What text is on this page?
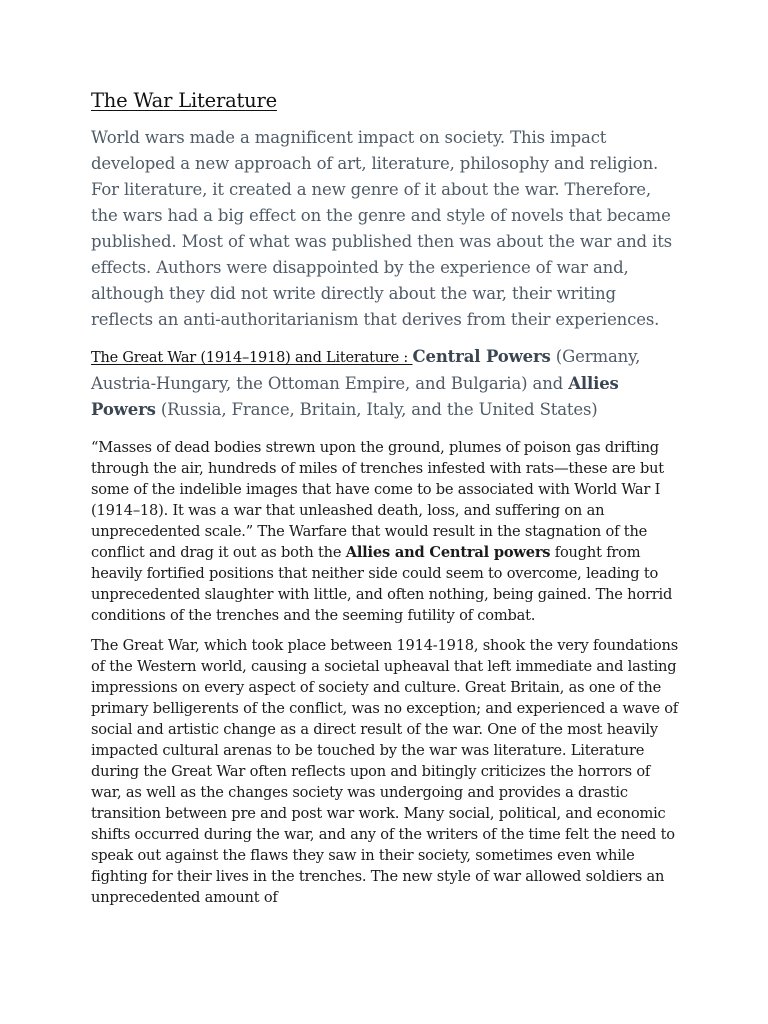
The War Literature

World wars made a magnificent impact on society. This impact developed a new approach of art, literature, philosophy and religion. For literature, it created a new genre of it about the war. Therefore, the wars had a big effect on the genre and style of novels that became published. Most of what was published then was about the war and its effects. Authors were disappointed by the experience of war and, although they did not write directly about the war, their writing reflects an anti-authoritarianism that derives from their experiences.

The Great War (1914–1918) and Literature : Central Powers (Germany, Austria-Hungary, the Ottoman Empire, and Bulgaria) and Allies Powers (Russia, France, Britain, Italy, and the United States)

“Masses of dead bodies strewn upon the ground, plumes of poison gas drifting through the air, hundreds of miles of trenches infested with rats—these are but some of the indelible images that have come to be associated with World War I (1914–18). It was a war that unleashed death, loss, and suffering on an unprecedented scale.” The Warfare that would result in the stagnation of the conflict and drag it out as both the Allies and Central powers fought from heavily fortified positions that neither side could seem to overcome, leading to unprecedented slaughter with little, and often nothing, being gained. The horrid conditions of the trenches and the seeming futility of combat.

The Great War, which took place between 1914-1918, shook the very foundations of the Western world, causing a societal upheaval that left immediate and lasting impressions on every aspect of society and culture. Great Britain, as one of the primary belligerents of the conflict, was no exception; and experienced a wave of social and artistic change as a direct result of the war. One of the most heavily impacted cultural arenas to be touched by the war was literature. Literature during the Great War often reflects upon and bitingly criticizes the horrors of war, as well as the changes society was undergoing and provides a drastic transition between pre and post war work. Many social, political, and economic shifts occurred during the war, and any of the writers of the time felt the need to speak out against the flaws they saw in their society, sometimes even while fighting for their lives in the trenches. The new style of war allowed soldiers an unprecedented amount of
